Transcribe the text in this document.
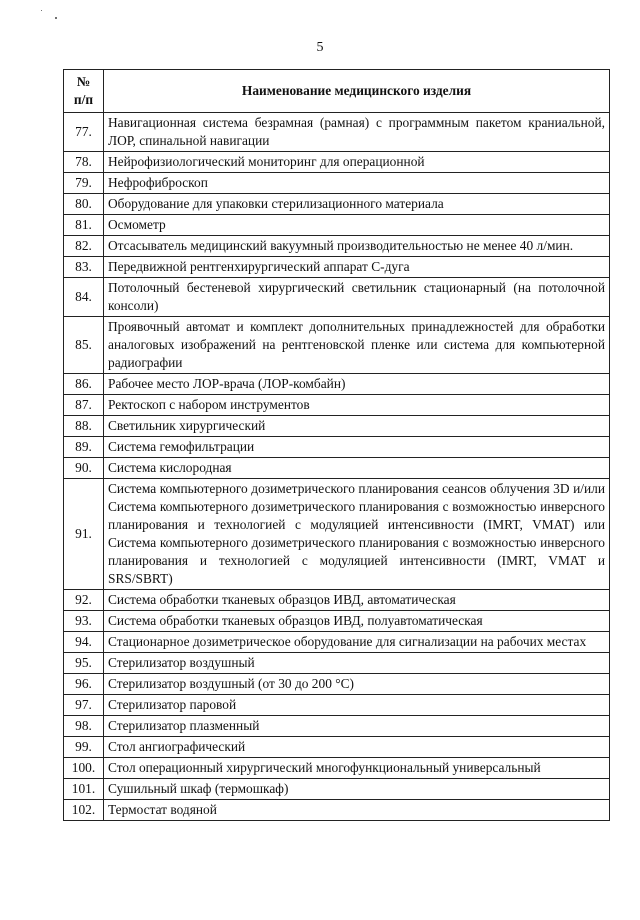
5
№
п/п	Наименование медицинского изделия
77.	Навигационная система безрамная (рамная) с программным пакетом краниальной, ЛОР, спинальной навигации
78.	Нейрофизиологический мониторинг для операционной
79.	Нефрофиброскоп
80.	Оборудование для упаковки стерилизационного материала
81.	Осмометр
82.	Отсасыватель медицинский вакуумный производительностью не менее 40 л/мин.
83.	Передвижной рентгенхирургический аппарат С-дуга
84.	Потолочный бестеневой хирургический светильник стационарный (на потолочной консоли)
85.	Проявочный автомат и комплект дополнительных принадлежностей для обработки аналоговых изображений на рентгеновской пленке или система для компьютерной радиографии
86.	Рабочее место ЛОР-врача (ЛОР-комбайн)
87.	Ректоскоп с набором инструментов
88.	Светильник хирургический
89.	Система гемофильтрации
90.	Система кислородная
91.	Система компьютерного дозиметрического планирования сеансов облучения 3D и/или Система компьютерного дозиметрического планирования с возможностью инверсного планирования и технологией с модуляцией интенсивности (IMRT, VMAT) или Система компьютерного дозиметрического планирования с возможностью инверсного планирования и технологией с модуляцией интенсивности (IMRT, VMAT и SRS/SBRT)
92.	Система обработки тканевых образцов ИВД, автоматическая
93.	Система обработки тканевых образцов ИВД, полуавтоматическая
94.	Стационарное дозиметрическое оборудование для сигнализации на рабочих местах
95.	Стерилизатор воздушный
96.	Стерилизатор воздушный (от 30 до 200 °С)
97.	Стерилизатор паровой
98.	Стерилизатор плазменный
99.	Стол ангиографический
100.	Стол операционный хирургический многофункциональный универсальный
101.	Сушильный шкаф (термошкаф)
102.	Термостат водяной
